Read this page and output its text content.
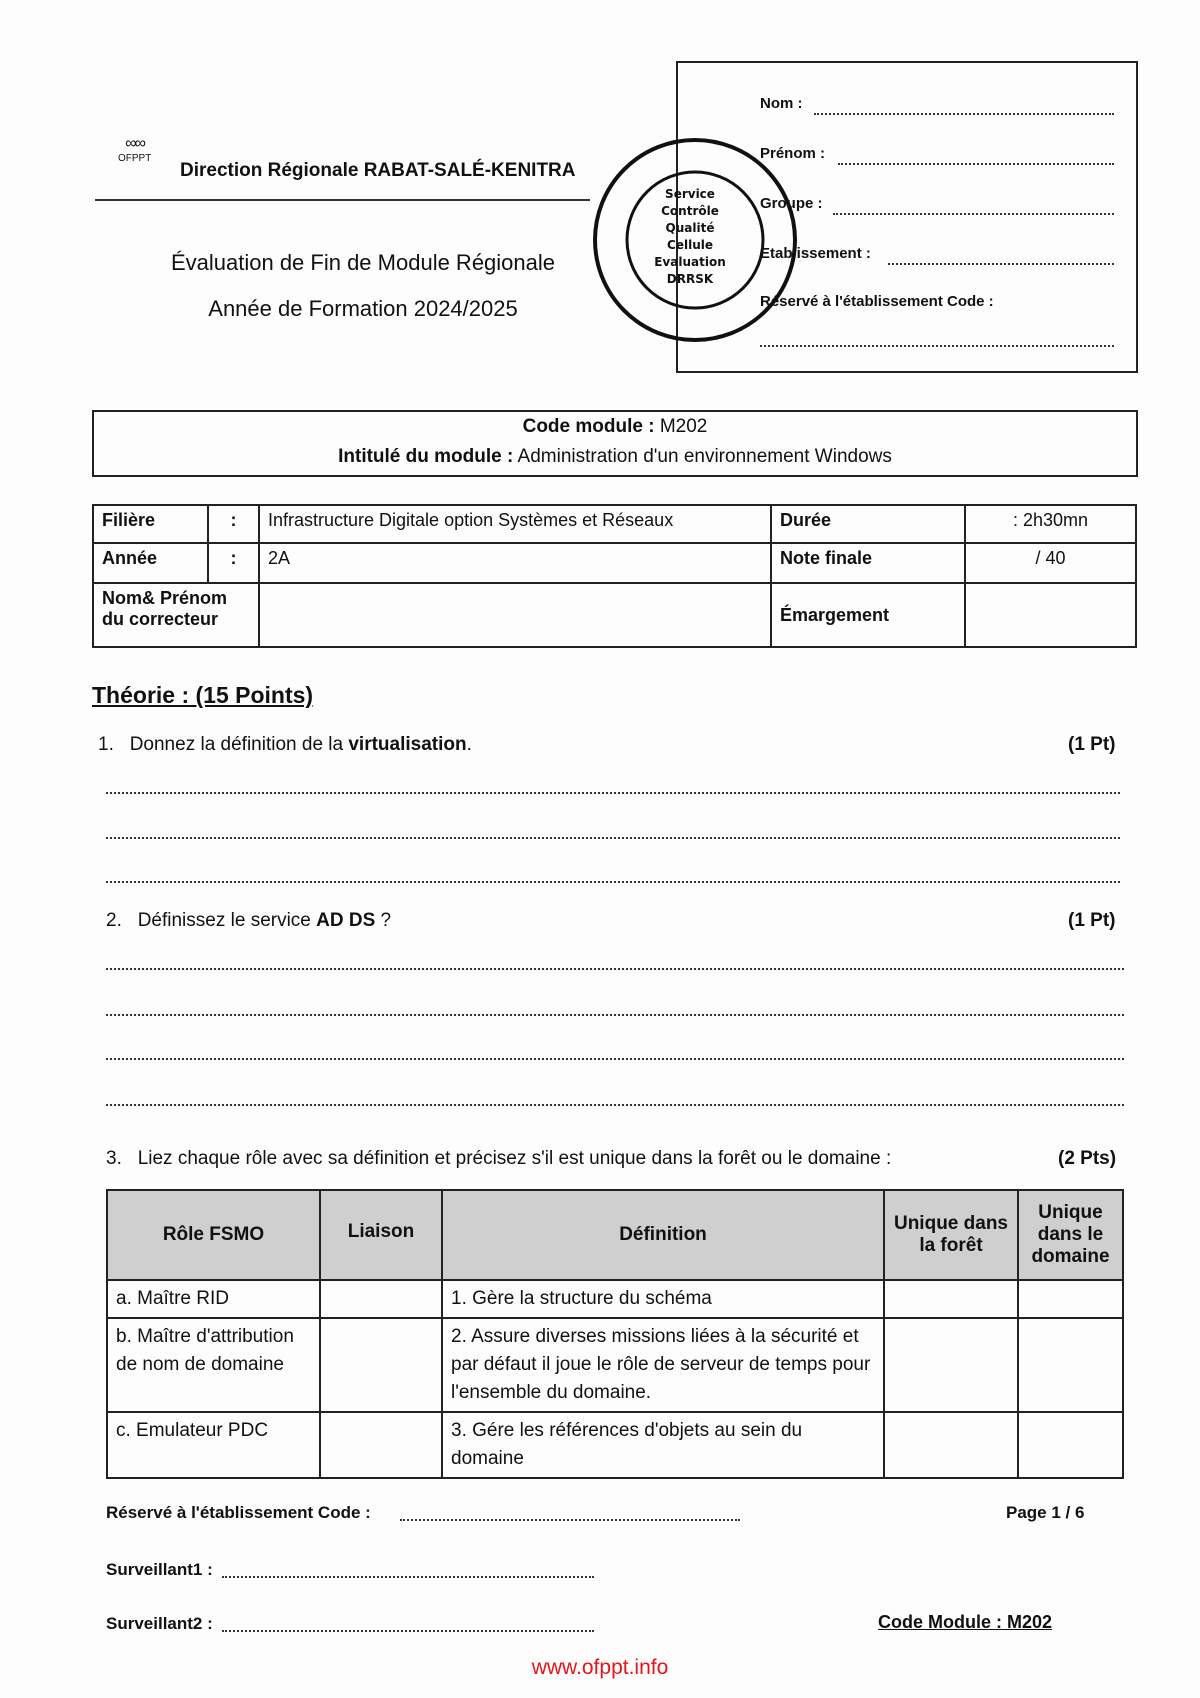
∞∞
OFPPT
Direction Régionale RABAT-SALÉ-KENITRA
Évaluation de Fin de Module Régionale
Année de Formation 2024/2025
Nom :
Prénom :
Groupe :
Etablissement :
Réservé à l'établissement Code :
Service
Contrôle
Qualité
Cellule
Evaluation
DRRSK
Code module : M202
Intitulé du module : Administration d'un environnement Windows
Filière	:	Infrastructure Digitale option Systèmes et Réseaux	Durée	: 2h30mn
Année	:	2A	Note finale	/ 40
Nom& Prénom du correcteur			Émargement	
Théorie : (15 Points)
1. Donnez la définition de la virtualisation.	(1 Pt)
2. Définissez le service AD DS ?	(1 Pt)
3. Liez chaque rôle avec sa définition et précisez s'il est unique dans la forêt ou le domaine :	(2 Pts)
Rôle FSMO	Liaison	Définition	Unique dans la forêt	Unique dans le domaine
a. Maître RID		1. Gère la structure du schéma		
b. Maître d'attribution de nom de domaine		2. Assure diverses missions liées à la sécurité et par défaut il joue le rôle de serveur de temps pour l'ensemble du domaine.		
c. Emulateur PDC		3. Gére les références d'objets au sein du domaine		
Réservé à l'établissement Code :	Page 1 / 6
Surveillant1 :
Surveillant2 :	Code Module : M202
www.ofppt.info
